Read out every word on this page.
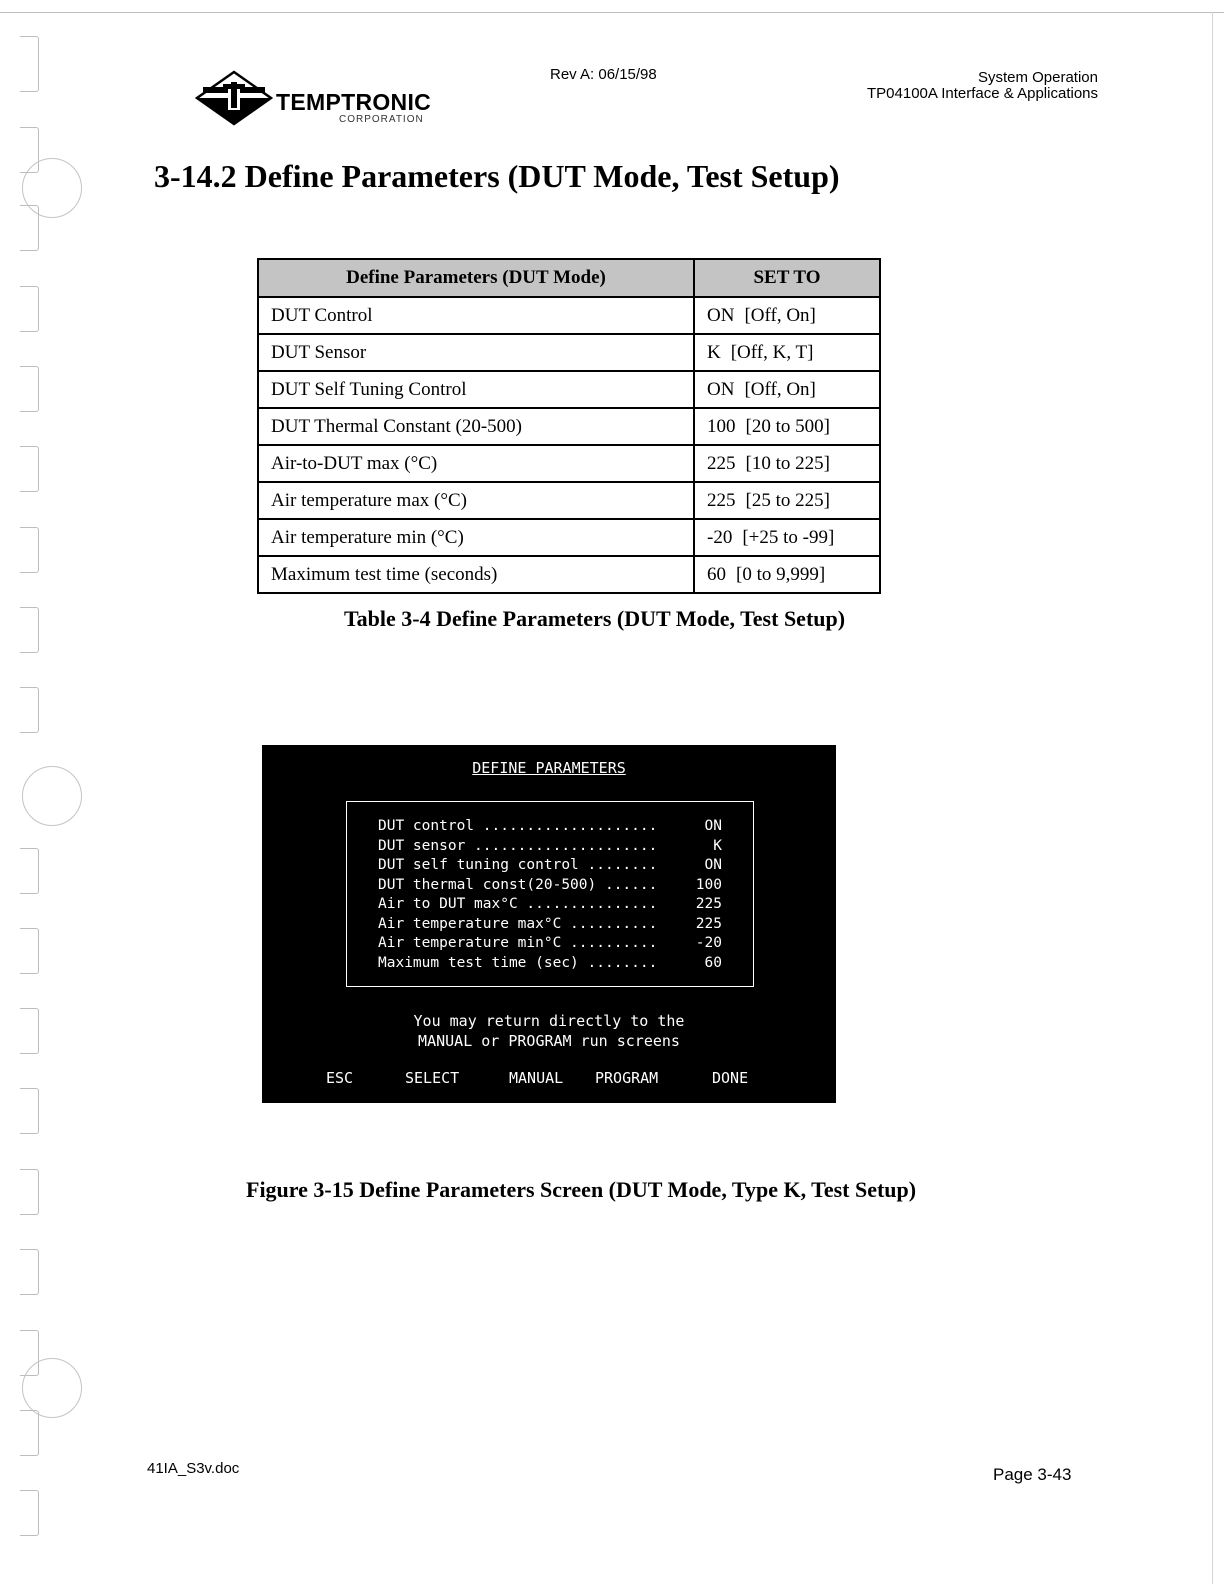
TEMPTRONIC
CORPORATION
Rev A: 06/15/98	System Operation
TP04100A Interface & Applications
3-14.2 Define Parameters (DUT Mode, Test Setup)
Define Parameters (DUT Mode)	SET TO
DUT Control	ON [Off, On]
DUT Sensor	K [Off, K, T]
DUT Self Tuning Control	ON [Off, On]
DUT Thermal Constant (20-500)	100 [20 to 500]
Air-to-DUT max (°C)	225 [10 to 225]
Air temperature max (°C)	225 [25 to 225]
Air temperature min (°C)	-20 [+25 to -99]
Maximum test time (seconds)	60 [0 to 9,999]
Table 3-4 Define Parameters (DUT Mode, Test Setup)
DEFINE PARAMETERS
DUT control ....................	ON
DUT sensor .....................	K
DUT self tuning control ........	ON
DUT thermal const(20-500) ......	100
Air to DUT max°C ...............	225
Air temperature max°C ..........	225
Air temperature min°C ..........	-20
Maximum test time (sec) ........	60
You may return directly to the
MANUAL or PROGRAM run screens
ESC	SELECT	MANUAL PROGRAM	DONE
Figure 3-15 Define Parameters Screen (DUT Mode, Type K, Test Setup)
41IA_S3v.doc	Page 3-43
